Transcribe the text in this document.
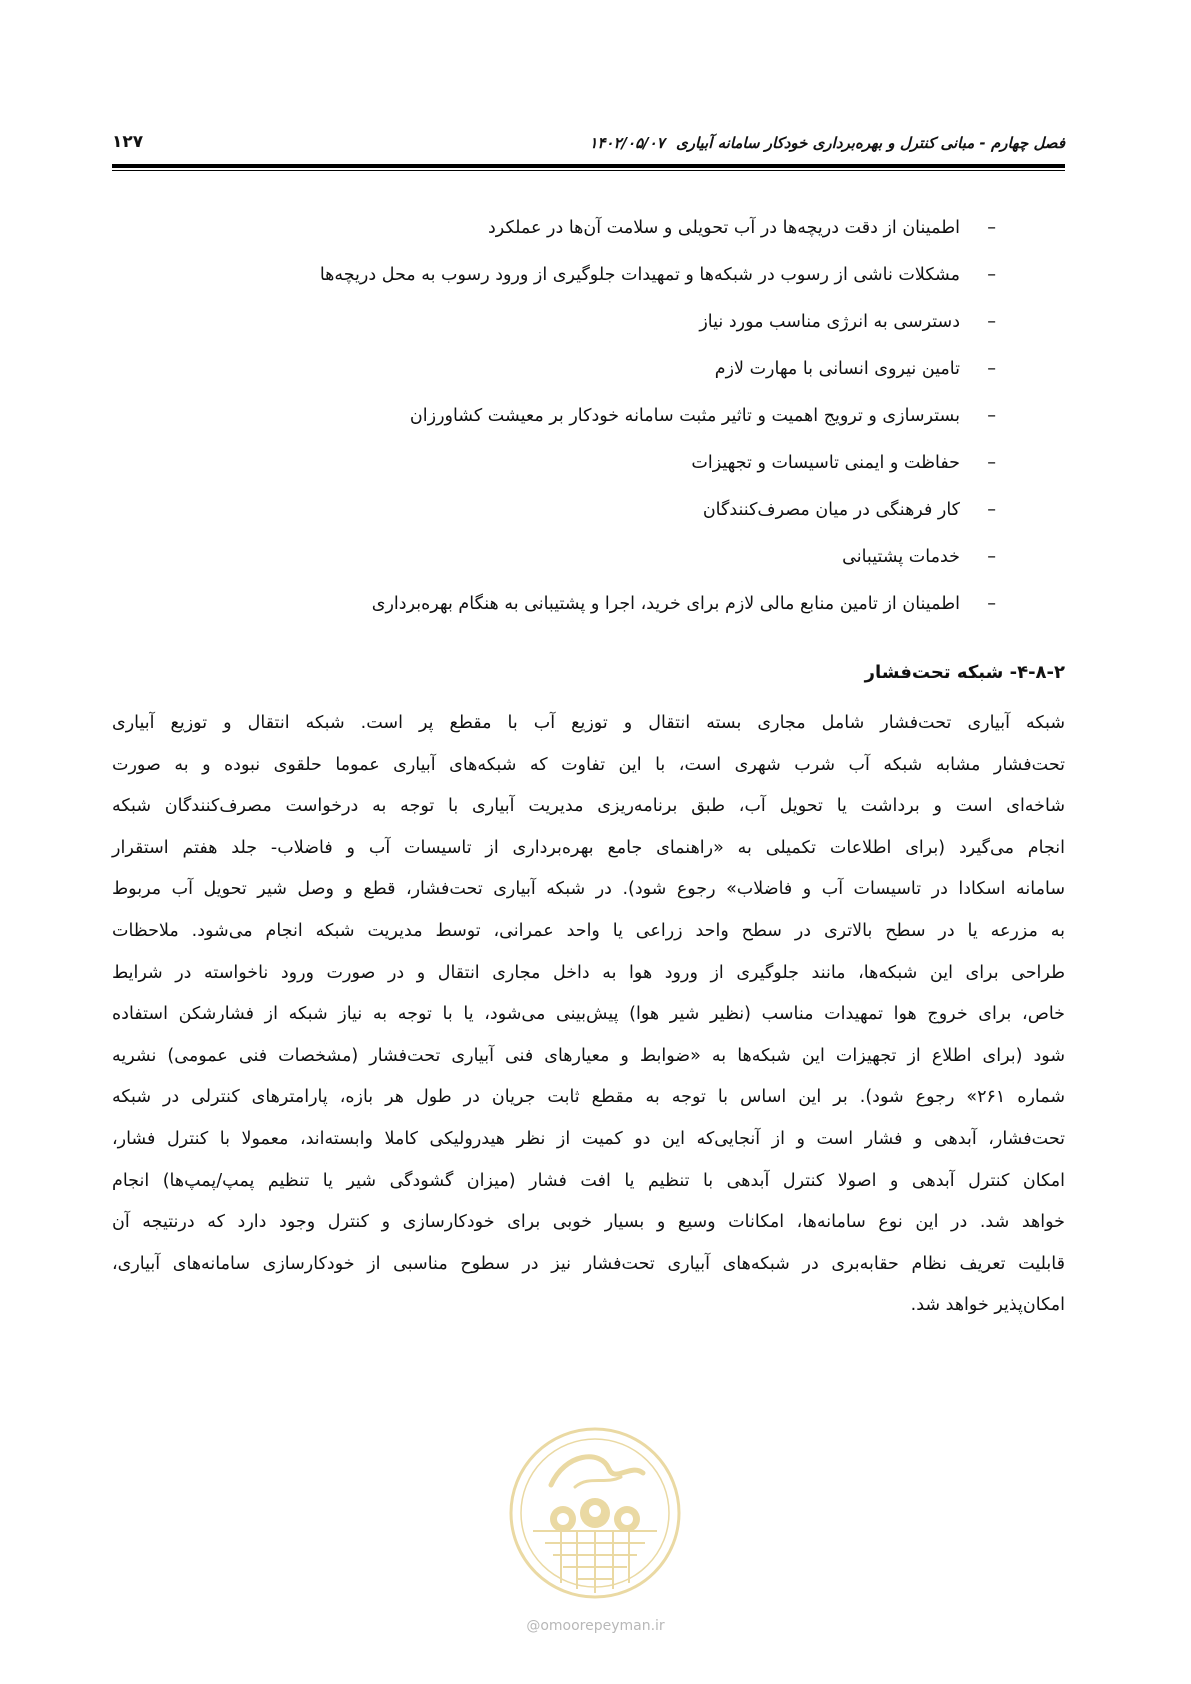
فصل چهارم - مبانی کنترل و بهره‌برداری خودکار سامانه آبیاری ۱۴۰۲/۰۵/۰۷
۱۲۷
–
اطمینان از دقت دریچه‌ها در آب تحویلی و سلامت آن‌ها در عملکرد
–
مشکلات ناشی از رسوب در شبکه‌ها و تمهیدات جلوگیری از ورود رسوب به محل دریچه‌ها
–
دسترسی به انرژی مناسب مورد نیاز
–
تامین نیروی انسانی با مهارت لازم
–
بسترسازی و ترویج اهمیت و تاثیر مثبت سامانه خودکار بر معیشت کشاورزان
–
حفاظت و ایمنی تاسیسات و تجهیزات
–
کار فرهنگی در میان مصرف‌کنندگان
–
خدمات پشتیبانی
–
اطمینان از تامین منابع مالی لازم برای خرید، اجرا و پشتیبانی به هنگام بهره‌برداری
۴-۸-۲- شبکه تحت‌فشار
شبکه آبیاری تحت‌فشار شامل مجاری بسته انتقال و توزیع آب با مقطع پر است. شبکه انتقال و توزیع آبیاری
تحت‌فشار مشابه شبکه آب شرب شهری است، با این تفاوت که شبکه‌های آبیاری عموما حلقوی نبوده و به صورت
شاخه‌ای است و برداشت یا تحویل آب، طبق برنامه‌ریزی مدیریت آبیاری با توجه به درخواست مصرف‌کنندگان شبکه
انجام می‌گیرد (برای اطلاعات تکمیلی به «راهنمای جامع بهره‌برداری از تاسیسات آب و فاضلاب- جلد هفتم استقرار
سامانه اسکادا در تاسیسات آب و فاضلاب» رجوع شود). در شبکه آبیاری تحت‌فشار، قطع و وصل شیر تحویل آب مربوط
به مزرعه یا در سطح بالاتری در سطح واحد زراعی یا واحد عمرانی، توسط مدیریت شبکه انجام می‌شود. ملاحظات
طراحی برای این شبکه‌ها، مانند جلوگیری از ورود هوا به داخل مجاری انتقال و در صورت ورود ناخواسته در شرایط
خاص، برای خروج هوا تمهیدات مناسب (نظیر شیر هوا) پیش‌بینی می‌شود، یا با توجه به نیاز شبکه از فشارشکن استفاده
شود (برای اطلاع از تجهیزات این شبکه‌ها به «ضوابط و معیارهای فنی آبیاری تحت‌فشار (مشخصات فنی عمومی) نشریه
شماره ۲۶۱» رجوع شود). بر این اساس با توجه به مقطع ثابت جریان در طول هر بازه، پارامترهای کنترلی در شبکه
تحت‌فشار، آبدهی و فشار است و از آنجایی‌که این دو کمیت از نظر هیدرولیکی کاملا وابسته‌اند، معمولا با کنترل فشار،
امکان کنترل آبدهی و اصولا کنترل آبدهی با تنظیم یا افت فشار (میزان گشودگی شیر یا تنظیم پمپ/پمپ‌ها) انجام
خواهد شد. در این نوع سامانه‌ها، امکانات وسیع و بسیار خوبی برای خودکارسازی و کنترل وجود دارد که درنتیجه آن
قابلیت تعریف نظام حقابه‌بری در شبکه‌های آبیاری تحت‌فشار نیز در سطوح مناسبی از خودکارسازی سامانه‌های آبیاری،
امکان‌پذیر خواهد شد.
@omoorepeyman.ir
